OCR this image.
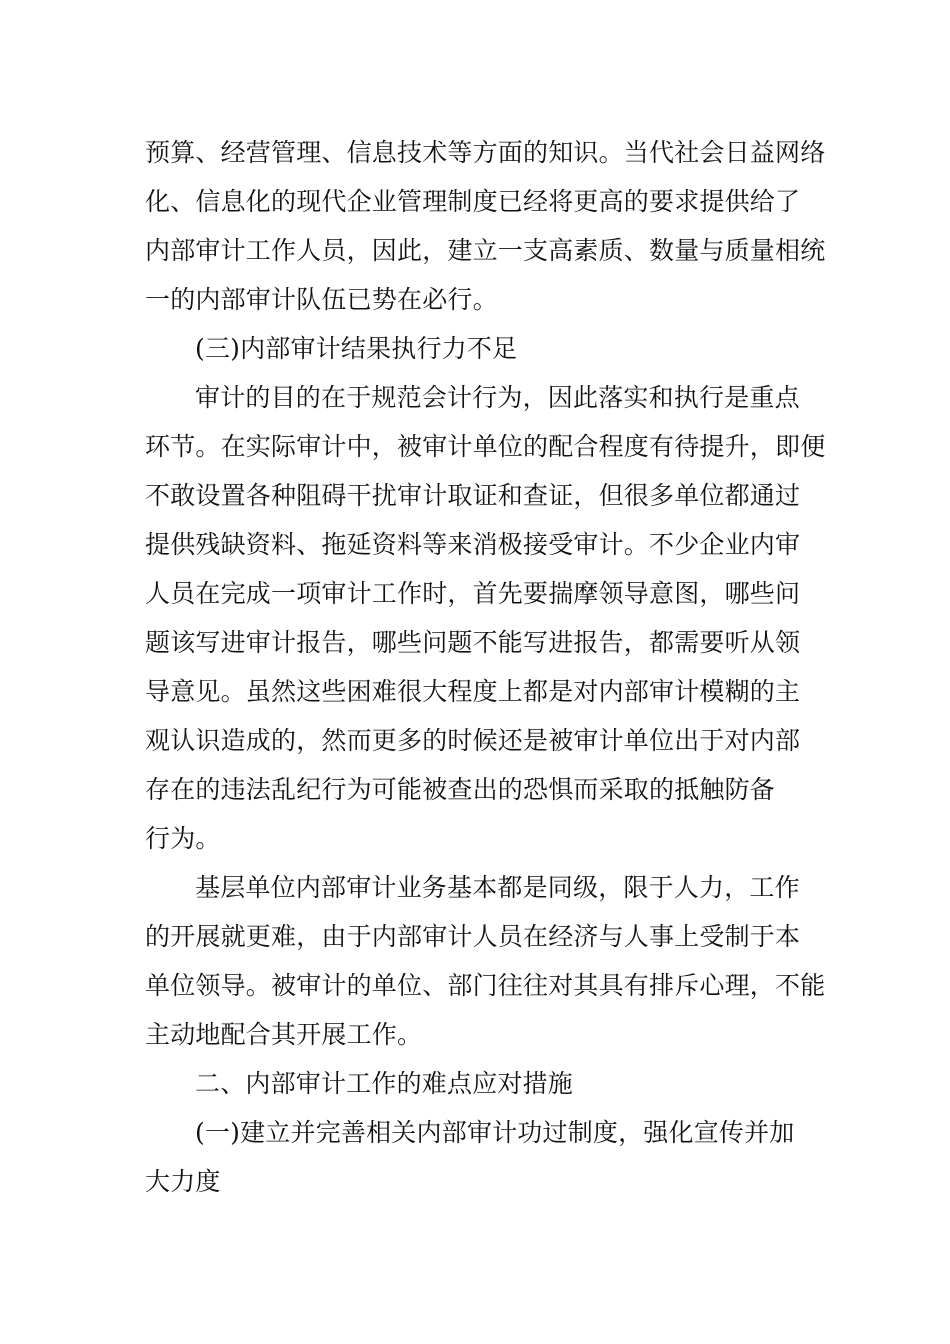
预算、经营管理、信息技术等方面的知识。当代社会日益网络
化、信息化的现代企业管理制度已经将更高的要求提供给了
内部审计工作人员，因此，建立一支高素质、数量与质量相统
一的内部审计队伍已势在必行。
(三)内部审计结果执行力不足
审计的目的在于规范会计行为，因此落实和执行是重点
环节。在实际审计中，被审计单位的配合程度有待提升，即便
不敢设置各种阻碍干扰审计取证和查证，但很多单位都通过
提供残缺资料、拖延资料等来消极接受审计。不少企业内审
人员在完成一项审计工作时，首先要揣摩领导意图，哪些问
题该写进审计报告，哪些问题不能写进报告，都需要听从领
导意见。虽然这些困难很大程度上都是对内部审计模糊的主
观认识造成的，然而更多的时候还是被审计单位出于对内部
存在的违法乱纪行为可能被查出的恐惧而采取的抵触防备
行为。
基层单位内部审计业务基本都是同级，限于人力，工作
的开展就更难，由于内部审计人员在经济与人事上受制于本
单位领导。被审计的单位、部门往往对其具有排斥心理，不能
主动地配合其开展工作。
二、内部审计工作的难点应对措施
(一)建立并完善相关内部审计功过制度，强化宣传并加
大力度
